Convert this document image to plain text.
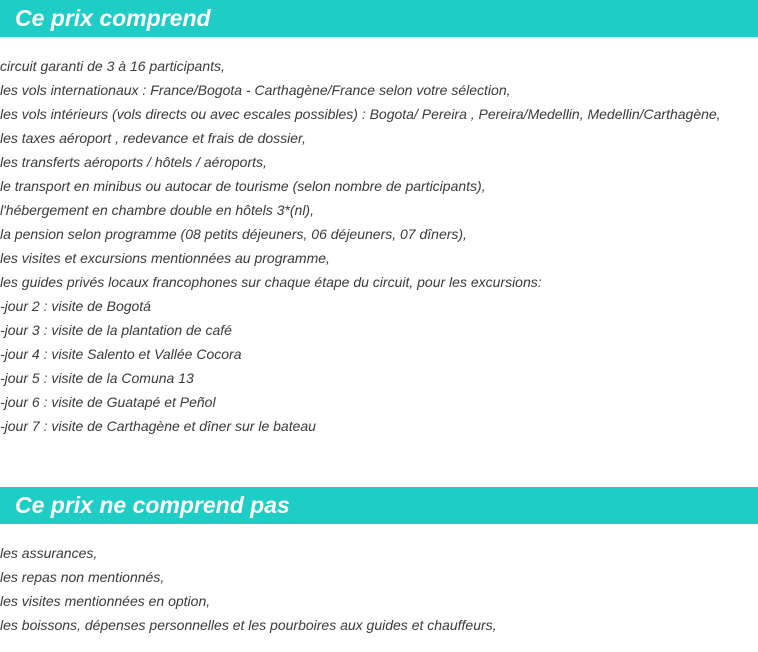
Ce prix comprend
circuit garanti de 3 à 16 participants,
les vols internationaux : France/Bogota - Carthagène/France selon votre sélection,
les vols intérieurs (vols directs ou avec escales possibles) : Bogota/ Pereira , Pereira/Medellin, Medellin/Carthagène,
les taxes aéroport , redevance et frais de dossier,
les transferts aéroports / hôtels / aéroports,
le transport en minibus ou autocar de tourisme (selon nombre de participants),
l'hébergement en chambre double en hôtels 3*(nl),
la pension selon programme (08 petits déjeuners, 06 déjeuners, 07 dîners),
les visites et excursions mentionnées au programme,
les guides privés locaux francophones sur chaque étape du circuit, pour les excursions:
-jour 2 : visite de Bogotá
-jour 3 : visite de la plantation de café
-jour 4 : visite Salento et Vallée Cocora
-jour 5 : visite de la Comuna 13
-jour 6 : visite de Guatapé et Peñol
-jour 7 : visite de Carthagène et dîner sur le bateau
Ce prix ne comprend pas
les assurances,
les repas non mentionnés,
les visites mentionnées en option,
les boissons, dépenses personnelles et les pourboires aux guides et chauffeurs,
